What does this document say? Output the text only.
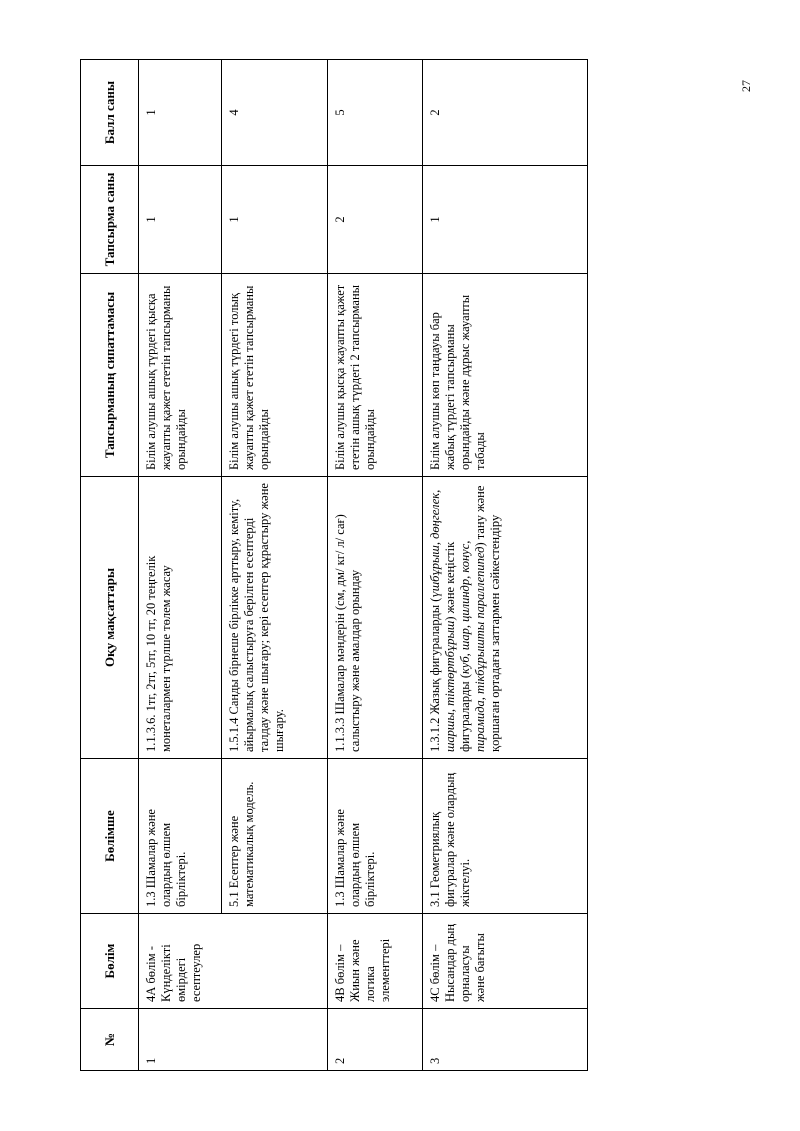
27
№	Бөлім	Бөлімше	Оқу мақсаттары	Тапсырманың сипаттамасы	Тапсырма саны	Балл саны
1	4А бөлім - Күнделікті өмірдегі есептеулер	1.3 Шамалар және олардың өлшем бірліктері.	1.1.3.6. 1тг, 2тг, 5тг, 10 тг, 20 теңгелік монеталармен түрлше төлем жасау	Білім алушы ашық түрдегі қысқа жауапты қажет ететін тапсырманы орындайды	1	1
		5.1 Есептер және математикалық модель.	1.5.1.4 Санды бірнеше бірлікке арттыру, кеміту, айырмалық салыстыруға берілген есептерді талдау және шығару; кері есептер құрастыру және шығару.	Білім алушы ашық түрдегі толық жауапты қажет ететін тапсырманы орындайды	1	4
2	4В бөлім – Жиын және логика элементтері	1.3 Шамалар және олардың өлшем бірліктері.	1.1.3.3 Шамалар мәндерін (см, дм/ кг/ л/ сағ) салыстыру және амалдар орындау	Білім алушы қысқа жауапты қажет ететін ашық түрдегі 2 тапсырманы орындайды	2	5
3	4С бөлім – Нысандар дың орналасуы және бағыты	3.1 Геометриялық фигуралар және олардың жіктелуі.	1.3.1.2 Жазық фигураларды (үшбұрыш, дөңгелек, шаршы, тіктөртбұрыш) және кеңістік фигураларды (куб, шар, цилиндр, конус, пирамида, тікбұрышты параллепипед) тану және қоршаған ортадағы заттармен сәйкестендіру	Білім алушы көп таңдауы бар жабық түрдегі тапсырманы орындайды және дұрыс жауапты табады	1	2
